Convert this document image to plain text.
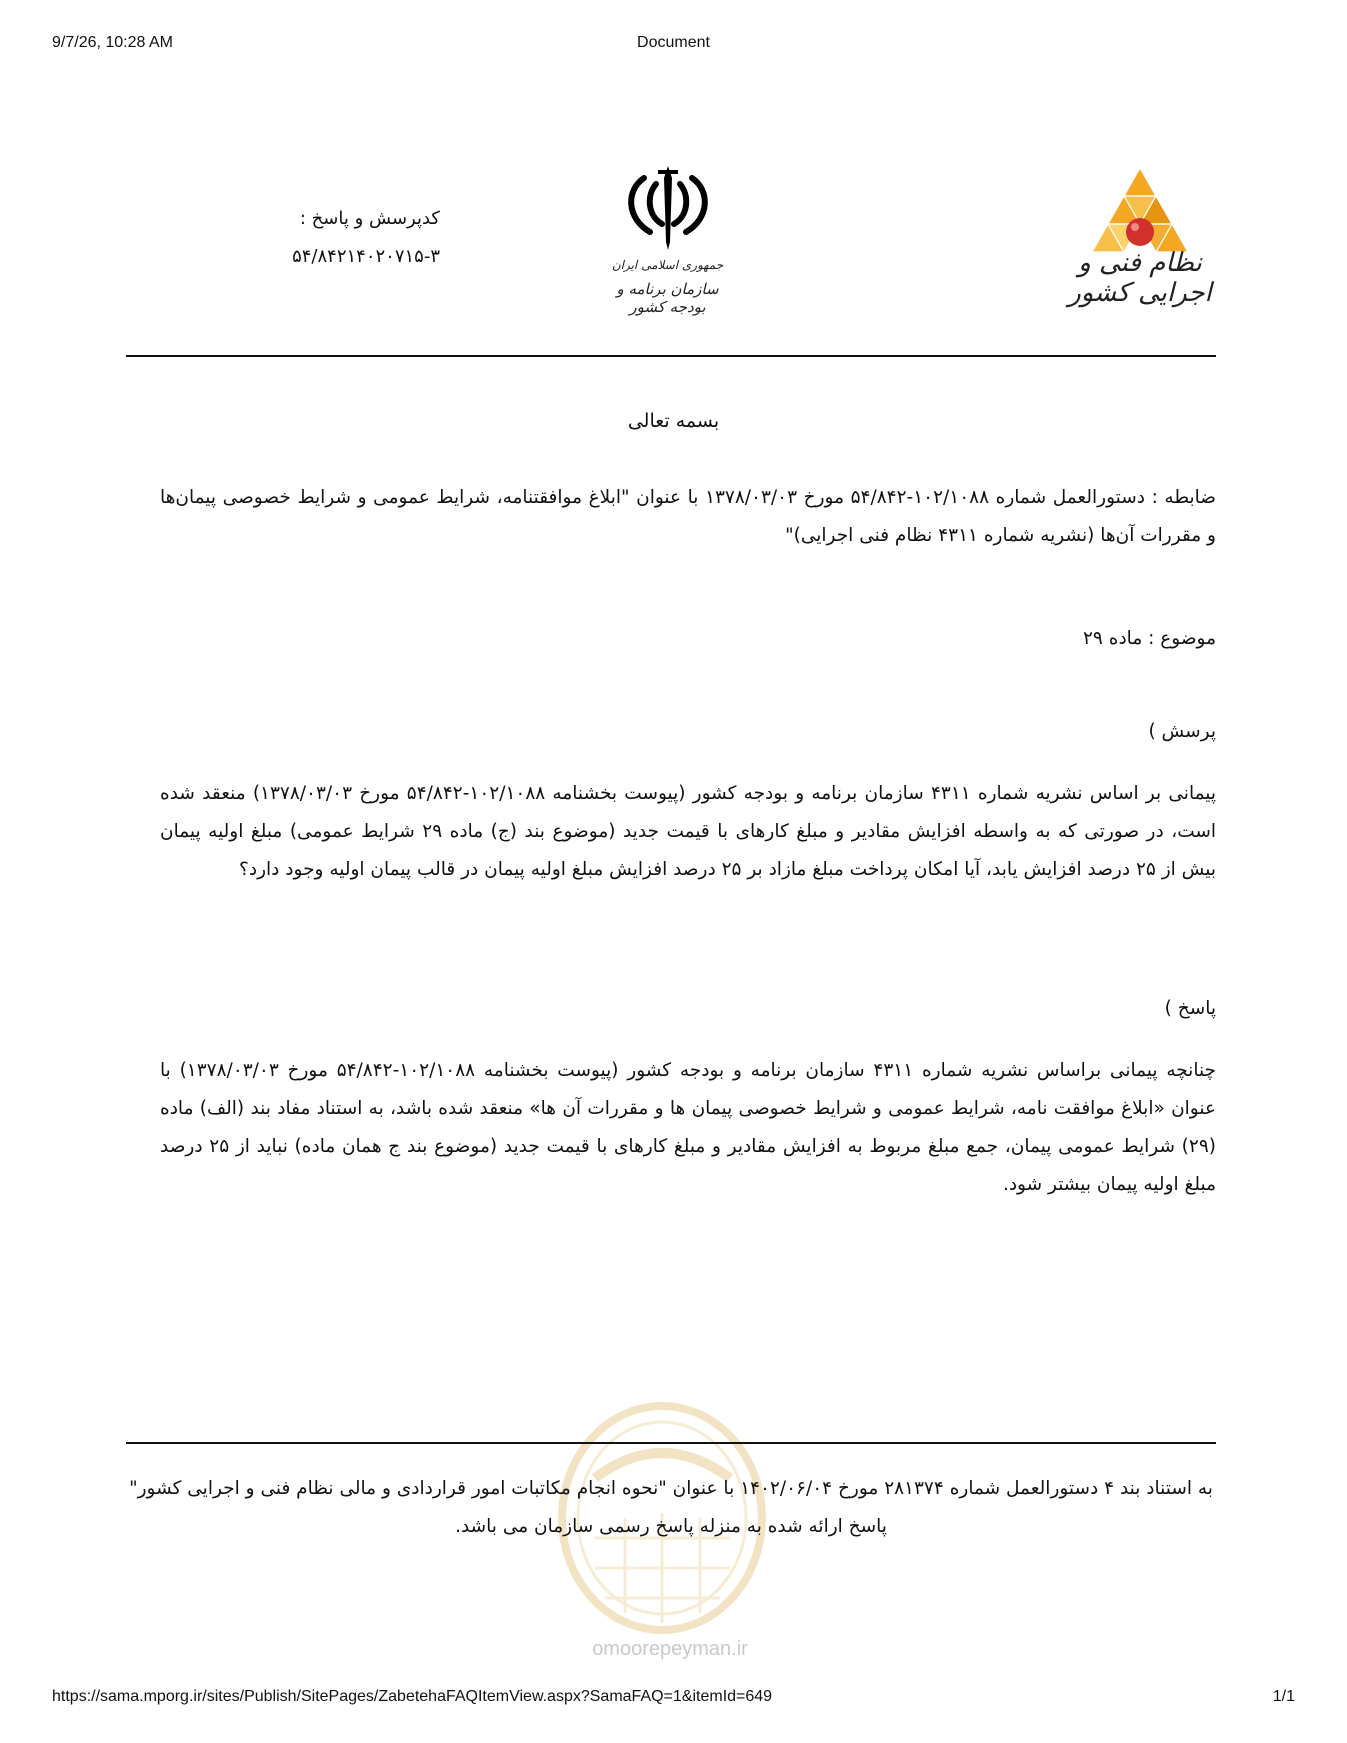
9/7/26, 10:28 AM	Document
نظام فنی و اجرایی کشور
جمهوری اسلامی ایران
سازمان برنامه و بودجه کشور
کدپرسش و پاسخ :
۵۴/۸۴۲۱۴۰۲۰۷۱۵-۳
بسمه تعالی
ضابطه : دستورالعمل شماره ۱۰۲/۱۰۸۸-۵۴/۸۴۲ مورخ ۱۳۷۸/۰۳/۰۳ با عنوان "ابلاغ موافقتنامه، شرایط عمومی و شرایط خصوصی پیمان‌ها و مقررات آن‌ها (نشریه شماره ۴۳۱۱ نظام فنی اجرایی)"
موضوع : ماده ۲۹
پرسش )
پیمانی بر اساس نشریه شماره ۴۳۱۱ سازمان برنامه و بودجه کشور (پیوست بخشنامه ۱۰۲/۱۰۸۸-۵۴/۸۴۲ مورخ ۱۳۷۸/۰۳/۰۳) منعقد شده است، در صورتی که به واسطه افزایش مقادیر و مبلغ کارهای با قیمت جدید (موضوع بند (ج) ماده ۲۹ شرایط عمومی) مبلغ اولیه پیمان بیش از ۲۵ درصد افزایش یابد، آیا امکان پرداخت مبلغ مازاد بر ۲۵ درصد افزایش مبلغ اولیه پیمان در قالب پیمان اولیه وجود دارد؟
پاسخ )
چنانچه پیمانی براساس نشریه شماره ۴۳۱۱ سازمان برنامه و بودجه کشور (پیوست بخشنامه ۱۰۲/۱۰۸۸-۵۴/۸۴۲ مورخ ۱۳۷۸/۰۳/۰۳) با عنوان «ابلاغ موافقت نامه، شرایط عمومی و شرایط خصوصی پیمان ها و مقررات آن ها» منعقد شده باشد، به استناد مفاد بند (الف) ماده (۲۹) شرایط عمومی پیمان، جمع مبلغ مربوط به افزایش مقادیر و مبلغ کارهای با قیمت جدید (موضوع بند ج همان ماده) نباید از ۲۵ درصد مبلغ اولیه پیمان بیشتر شود.
omoorepeyman.ir
به استناد بند ۴ دستورالعمل شماره ۲۸۱۳۷۴ مورخ ۱۴۰۲/۰۶/۰۴ با عنوان "نحوه انجام مکاتبات امور قراردادی و مالی نظام فنی و اجرایی کشور" پاسخ ارائه شده به منزله پاسخ رسمی سازمان می باشد.
https://sama.mporg.ir/sites/Publish/SitePages/ZabetehaFAQItemView.aspx?SamaFAQ=1&itemId=649	1/1
